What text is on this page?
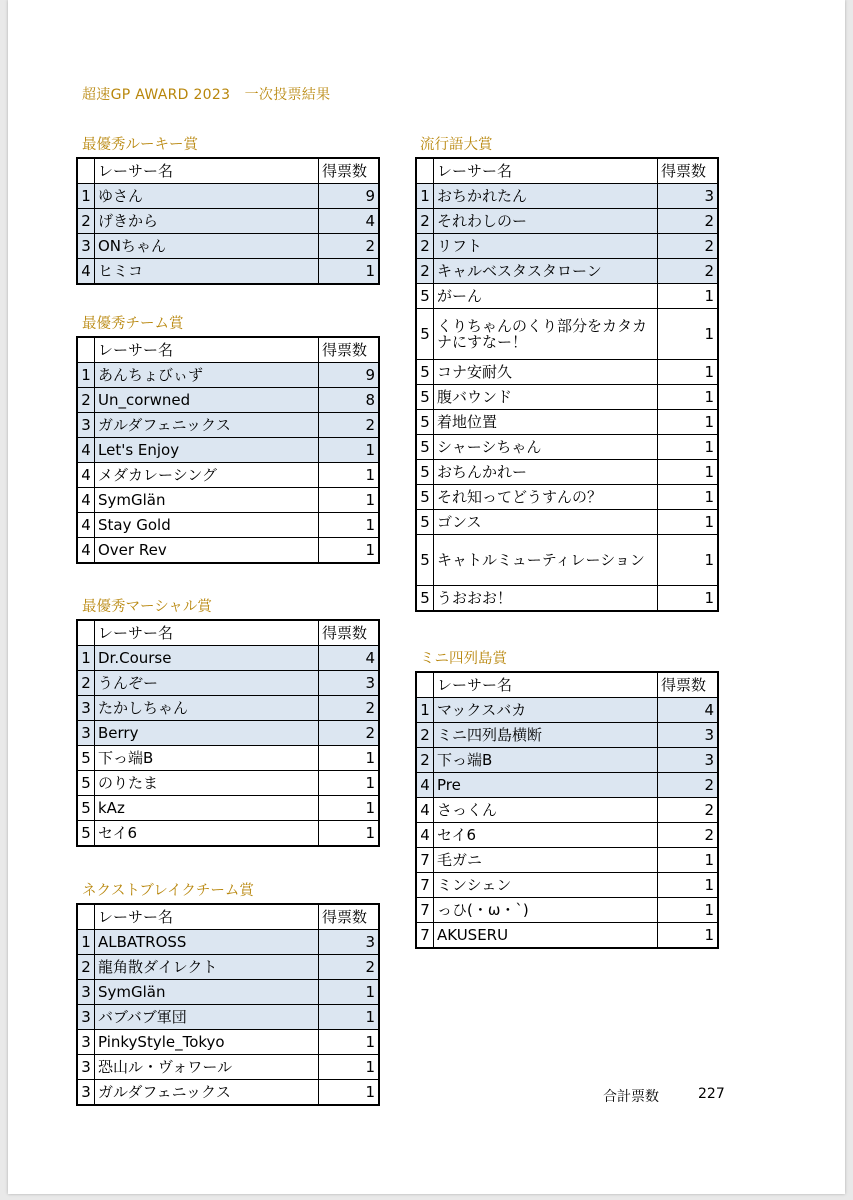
超速GP AWARD 2023　一次投票結果
最優秀ルーキー賞
	レーサー名	得票数
1	ゆさん	9
2	げきから	4
3	ONちゃん	2
4	ヒミコ	1
最優秀チーム賞
	レーサー名	得票数
1	あんちょびぃず	9
2	Un_corwned	8
3	ガルダフェニックス	2
4	Let's Enjoy	1
4	メダカレーシング	1
4	SymGlän	1
4	Stay Gold	1
4	Over Rev	1
最優秀マーシャル賞
	レーサー名	得票数
1	Dr.Course	4
2	うんぞー	3
3	たかしちゃん	2
3	Berry	2
5	下っ端B	1
5	のりたま	1
5	kAz	1
5	セイ6	1
ネクストブレイクチーム賞
	レーサー名	得票数
1	ALBATROSS	3
2	龍角散ダイレクト	2
3	SymGlän	1
3	バブバブ軍団	1
3	PinkyStyle_Tokyo	1
3	恐山ル・ヴォワール	1
3	ガルダフェニックス	1
流行語大賞
	レーサー名	得票数
1	おちかれたん	3
2	それわしのー	2
2	リフト	2
2	キャルベスタスタローン	2
5	がーん	1
5	くりちゃんのくり部分をカタカナにすなー！	1
5	コナ安耐久	1
5	腹バウンド	1
5	着地位置	1
5	シャーシちゃん	1
5	おちんかれー	1
5	それ知ってどうすんの？	1
5	ゴンス	1
5	キャトルミューティレーション	1
5	うおおお！	1
ミニ四列島賞
	レーサー名	得票数
1	マックスバカ	4
2	ミニ四列島横断	3
2	下っ端B	3
4	Pre	2
4	さっくん	2
4	セイ6	2
7	毛ガニ	1
7	ミンシェン	1
7	っひ(・ω・`)	1
7	AKUSERU	1
合計票数	227
